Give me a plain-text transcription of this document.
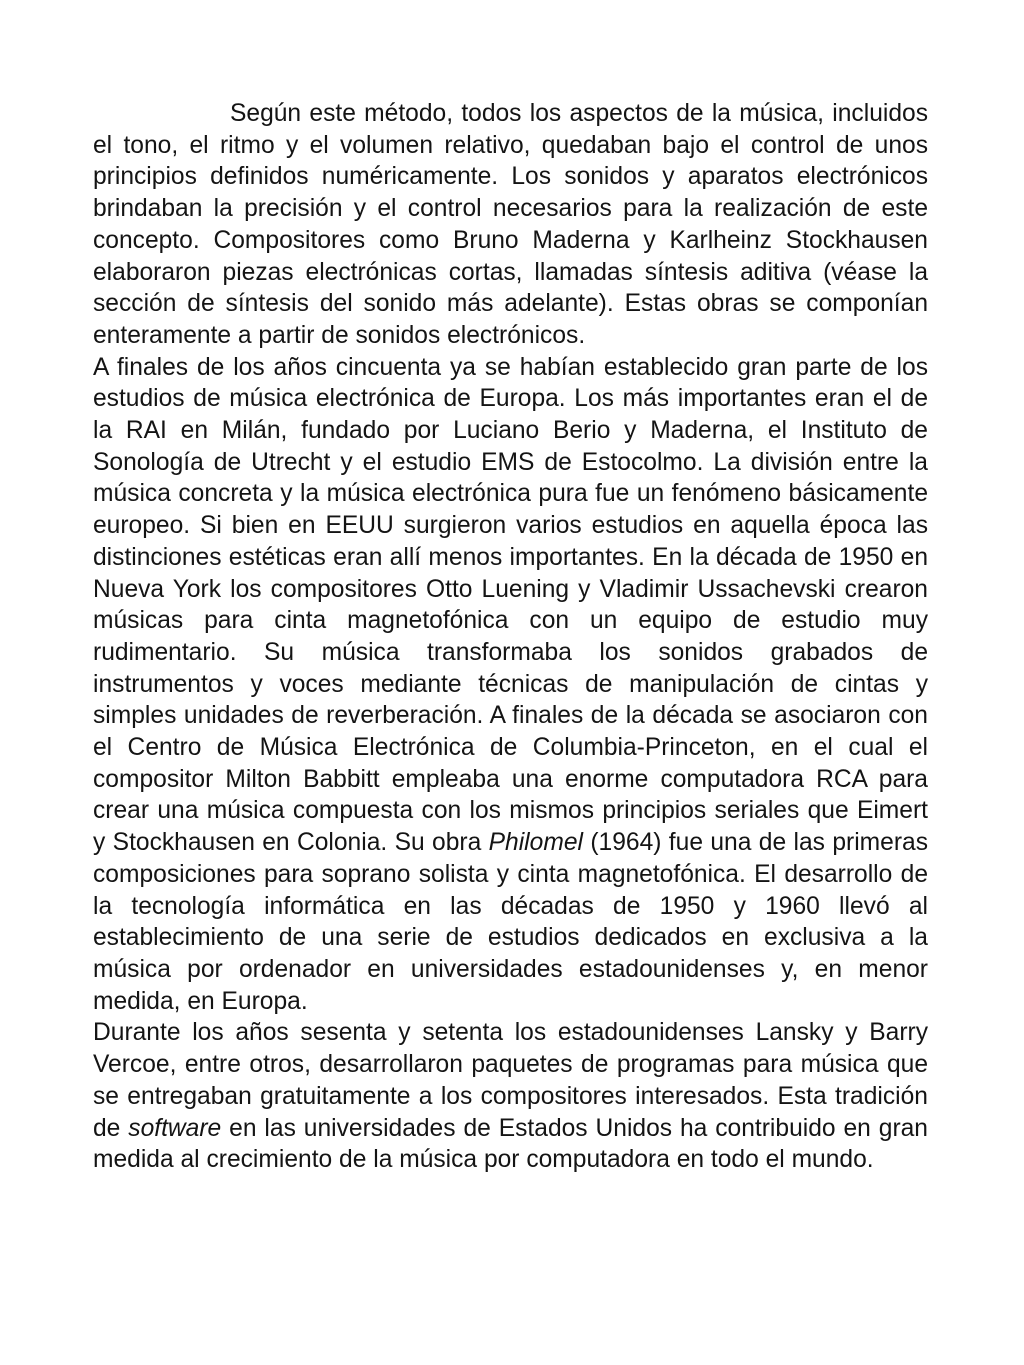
Según este método, todos los aspectos de la música, incluidos el tono, el ritmo y el volumen relativo, quedaban bajo el control de unos principios definidos numéricamente. Los sonidos y aparatos electrónicos brindaban la precisión y el control necesarios para la realización de este concepto. Compositores como Bruno Maderna y Karlheinz Stockhausen elaboraron piezas electrónicas cortas, llamadas síntesis aditiva (véase la sección de síntesis del sonido más adelante). Estas obras se componían enteramente a partir de sonidos electrónicos.

A finales de los años cincuenta ya se habían establecido gran parte de los estudios de música electrónica de Europa. Los más importantes eran el de la RAI en Milán, fundado por Luciano Berio y Maderna, el Instituto de Sonología de Utrecht y el estudio EMS de Estocolmo. La división entre la música concreta y la música electrónica pura fue un fenómeno básicamente europeo. Si bien en EEUU surgieron varios estudios en aquella época las distinciones estéticas eran allí menos importantes. En la década de 1950 en Nueva York los compositores Otto Luening y Vladimir Ussachevski crearon músicas para cinta magnetofónica con un equipo de estudio muy rudimentario. Su música transformaba los sonidos grabados de instrumentos y voces mediante técnicas de manipulación de cintas y simples unidades de reverberación. A finales de la década se asociaron con el Centro de Música Electrónica de Columbia-Princeton, en el cual el compositor Milton Babbitt empleaba una enorme computadora RCA para crear una música compuesta con los mismos principios seriales que Eimert y Stockhausen en Colonia. Su obra Philomel (1964) fue una de las primeras composiciones para soprano solista y cinta magnetofónica. El desarrollo de la tecnología informática en las décadas de 1950 y 1960 llevó al establecimiento de una serie de estudios dedicados en exclusiva a la música por ordenador en universidades estadounidenses y, en menor medida, en Europa.

Durante los años sesenta y setenta los estadounidenses Lansky y Barry Vercoe, entre otros, desarrollaron paquetes de programas para música que se entregaban gratuitamente a los compositores interesados. Esta tradición de software en las universidades de Estados Unidos ha contribuido en gran medida al crecimiento de la música por computadora en todo el mundo.
